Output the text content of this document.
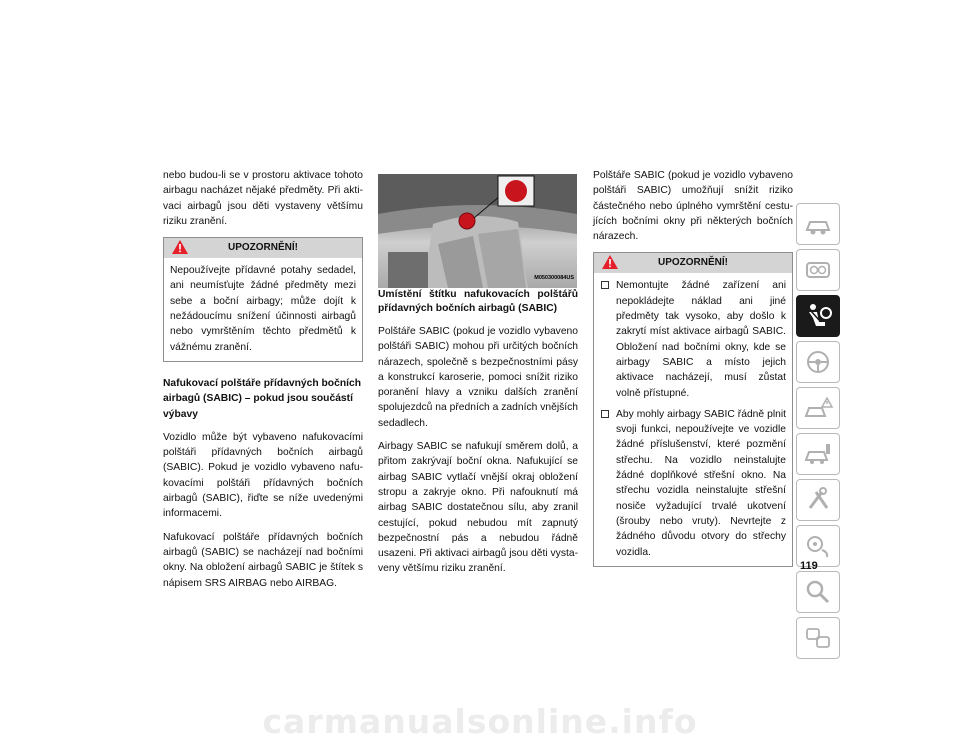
nebo budou-li se v prostoru aktivace tohoto airbagu nacházet nějaké předměty. Při aktivaci airbagů jsou děti vystaveny většímu riziku zranění.

UPOZORNĚNÍ!

Nepoužívejte přídavné potahy sedadel, ani neumísťujte žádné předměty mezi sebe a boční airbagy; může dojít k nežádoucímu snížení účinnosti airbagů nebo vymrštěním těchto předmětů k vážnému zranění.

Nafukovací polštáře přídavných bočních airbagů (SABIC) – pokud jsou součástí výbavy

Vozidlo může být vybaveno nafukovacími polštáři přídavných bočních airbagů (SABIC). Pokud je vozidlo vybaveno nafukovacími polštáři přídavných bočních airbagů (SABIC), řiďte se níže uvedenými informacemi.

Nafukovací polštáře přídavných bočních airbagů (SABIC) se nacházejí nad bočními okny. Na obložení airbagů SABIC je štítek s nápisem SRS AIRBAG nebo AIRBAG.

M050300084US

Umístění štítku nafukovacích polštářů přídavných bočních airbagů (SABIC)

Polštáře SABIC (pokud je vozidlo vybaveno polštáři SABIC) mohou při určitých bočních nárazech, společně s bezpečnostními pásy a konstrukcí karoserie, pomoci snížit riziko poranění hlavy a vzniku dalších zranění spolujezdců na předních a zadních vnějších sedadlech.

Airbagy SABIC se nafukují směrem dolů, a přitom zakrývají boční okna. Nafukující se airbag SABIC vytlačí vnější okraj obložení stropu a zakryje okno. Při nafouknutí má airbag SABIC dostatečnou sílu, aby zranil cestující, pokud nebudou mít zapnutý bezpečnostní pás a nebudou řádně usazeni. Při aktivaci airbagů jsou děti vystaveny většímu riziku zranění.

Polštáře SABIC (pokud je vozidlo vybaveno polštáři SABIC) umožňují snížit riziko částečného nebo úplného vymrštění cestujících bočními okny při některých bočních nárazech.

UPOZORNĚNÍ!
Nemontujte žádné zařízení ani nepokládejte náklad ani jiné předměty tak vysoko, aby došlo k zakrytí míst aktivace airbagů SABIC. Obložení nad bočními okny, kde se airbagy SABIC a místo jejich aktivace nacházejí, musí zůstat volně přístupné.
Aby mohly airbagy SABIC řádně plnit svoji funkci, nepoužívejte ve vozidle žádné příslušenství, které pozmění střechu. Na vozidlo neinstalujte žádné doplňkové střešní okno. Na střechu vozidla neinstalujte střešní nosiče vyžadující trvalé ukotvení (šrouby nebo vruty). Nevrtejte z žádného důvodu otvory do střechy vozidla.
119
carmanualsonline.info
